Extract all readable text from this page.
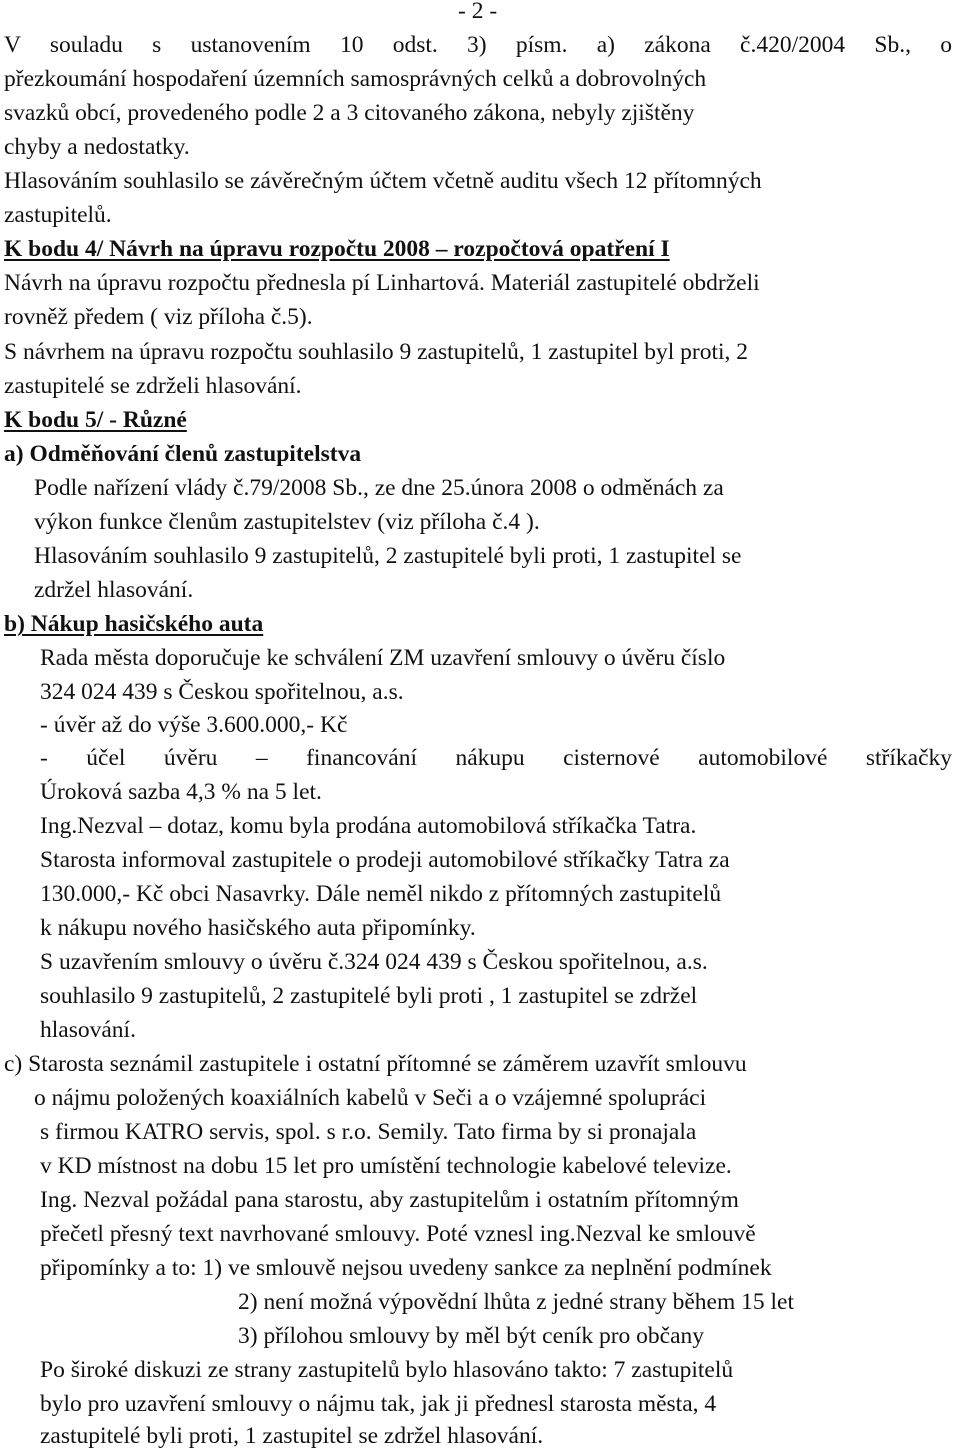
- 2 -
V souladu s ustanovením 10 odst. 3) písm. a) zákona č.420/2004 Sb., o
přezkoumání hospodaření územních samosprávných celků a dobrovolných
svazků obcí, provedeného podle 2 a 3 citovaného zákona, nebyly zjištěny
chyby a nedostatky.
Hlasováním souhlasilo se závěrečným účtem včetně auditu všech 12 přítomných
zastupitelů.
K bodu 4/ Návrh na úpravu rozpočtu 2008 – rozpočtová opatření I
Návrh na úpravu rozpočtu přednesla pí Linhartová. Materiál zastupitelé obdrželi
rovněž předem ( viz příloha č.5).
S návrhem na úpravu rozpočtu souhlasilo 9 zastupitelů, 1 zastupitel byl proti, 2
zastupitelé se zdrželi hlasování.
K bodu 5/ - Různé
a) Odměňování členů zastupitelstva
Podle nařízení vlády č.79/2008 Sb., ze dne 25.února 2008 o odměnách za
výkon funkce členům zastupitelstev (viz příloha č.4 ).
Hlasováním souhlasilo 9 zastupitelů, 2 zastupitelé byli proti, 1 zastupitel se
zdržel hlasování.
b) Nákup hasičského auta
Rada města doporučuje ke schválení ZM uzavření smlouvy o úvěru číslo
324 024 439 s Českou spořitelnou, a.s.
- úvěr až do výše 3.600.000,- Kč
- účel úvěru – financování nákupu cisternové automobilové stříkačky
Úroková sazba 4,3 % na 5 let.
Ing.Nezval – dotaz, komu byla prodána automobilová stříkačka Tatra.
Starosta informoval zastupitele o prodeji automobilové stříkačky Tatra za
130.000,- Kč obci Nasavrky. Dále neměl nikdo z přítomných zastupitelů
k nákupu nového hasičského auta připomínky.
S uzavřením smlouvy o úvěru č.324 024 439 s Českou spořitelnou, a.s.
souhlasilo 9 zastupitelů, 2 zastupitelé byli proti , 1 zastupitel se zdržel
hlasování.
c) Starosta seznámil zastupitele i ostatní přítomné se záměrem uzavřít smlouvu
o nájmu položených koaxiálních kabelů v Seči a o vzájemné spolupráci
s firmou KATRO servis, spol. s r.o. Semily. Tato firma by si pronajala
v KD místnost na dobu 15 let pro umístění technologie kabelové televize.
Ing. Nezval požádal pana starostu, aby zastupitelům i ostatním přítomným
přečetl přesný text navrhované smlouvy. Poté vznesl ing.Nezval ke smlouvě
připomínky a to: 1) ve smlouvě nejsou uvedeny sankce za neplnění podmínek
2) není možná výpovědní lhůta z jedné strany během 15 let
3) přílohou smlouvy by měl být ceník pro občany
Po široké diskuzi ze strany zastupitelů bylo hlasováno takto: 7 zastupitelů
bylo pro uzavření smlouvy o nájmu tak, jak ji přednesl starosta města, 4
zastupitelé byli proti, 1 zastupitel se zdržel hlasování.
